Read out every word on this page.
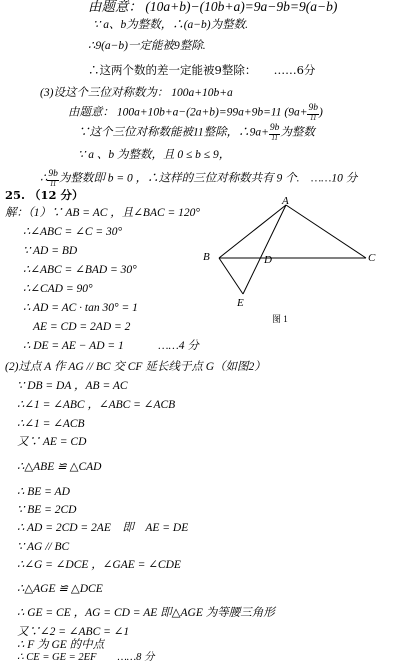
由题意： (10a+b)−(10b+a)=9a−9b=9(a−b)
∵ a、b为整数，∴(a−b)为整数.
∴9(a−b)一定能被9整除.
∴这两个数的差一定能被9整除：　　……6分
(3)设这个三位对称数为： 100a+10b+a
由题意： 100a+10b+a−(2a+b)=99a+9b=11 ($9a+ \frac{9b}{11}$ )
∵这个三位对称数能被11整除，∴9a+ $\frac{9b}{11}$ 为整数
∵ a 、b 为整数，且 0 ≤ b ≤ 9，
∴ $\frac{9b}{11}$ 为整数即 b = 0 ，∴这样的三位对称数共有 9 个.　……10 分
25. （12 分）
解：（1）∵ AB = AC ，且∠BAC = 120°
∴∠ABC = ∠C = 30°
∵ AD = BD
∴∠ABC = ∠BAD = 30°
∴∠CAD = 90°
∴ AD = AC · tan 30° = 1
AE = CD = 2AD = 2
∴ DE = AE − AD = 1　　　……4 分
A
B	C
D
E
图 1
(2)过点 A 作 AG // BC 交 CF 延长线于点 G（如图2）
∵ DB = DA ，AB = AC
∴∠1 = ∠ABC ，∠ABC = ∠ACB
∴∠1 = ∠ACB
又∵ AE = CD
∴△ABE ≌ △CAD
∴ BE = AD
∵ BE = 2CD
∴ AD = 2CD = 2AE　即　AE = DE
∵ AG // BC
∴∠G = ∠DCE ，∠GAE = ∠CDE
∴△AGE ≌ △DCE
∴ GE = CE ，AG = CD = AE 即△AGE 为等腰三角形
又∵∠2 = ∠ABC = ∠1
∴ F 为 GE 的中点
∴ CE = GE = 2EF　　……8 分
